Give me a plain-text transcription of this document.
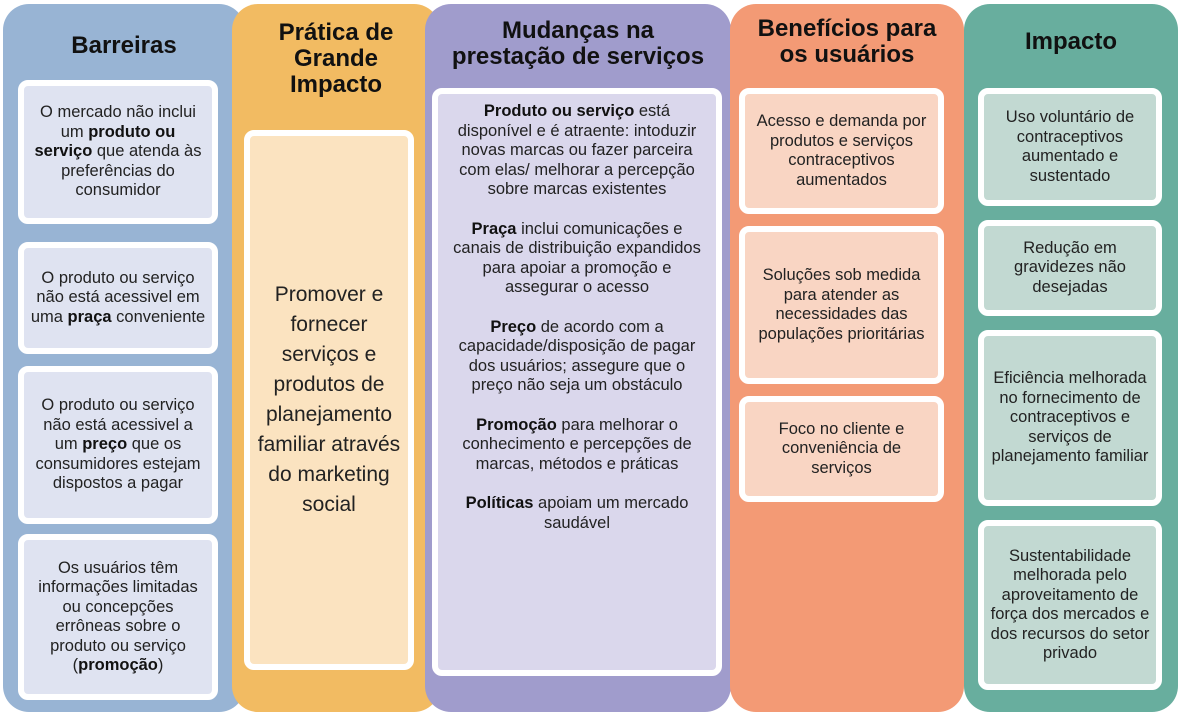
Barreiras

O mercado não inclui um produto ou serviço que atenda às preferências do consumidor

O produto ou serviço não está acessivel em uma praça conveniente

O produto ou serviço não está acessivel a um preço que os consumidores estejam dispostos a pagar

Os usuários têm informações limitadas ou concepções errôneas sobre o produto ou serviço (promoção)

Prática de
Grande
Impacto

Promover e fornecer serviços e produtos de planejamento familiar através do marketing social

Mudanças na
prestação de serviços

Produto ou serviço está disponível e é atraente: intoduzir novas marcas ou fazer parceira com elas/ melhorar a percepção sobre marcas existentes

Praça inclui comunicações e canais de distribuição expandidos para apoiar a promoção e assegurar o acesso

Preço de acordo com a capacidade/disposição de pagar dos usuários; assegure que o preço não seja um obstáculo

Promoção para melhorar o conhecimento e percepções de marcas, métodos e práticas

Políticas apoiam um mercado saudável

Benefícios para
os usuários

Acesso e demanda por produtos e serviços contraceptivos aumentados

Soluções sob medida para atender as necessidades das populações prioritárias

Foco no cliente e conveniência de serviços

Impacto

Uso voluntário de contraceptivos aumentado e sustentado

Redução em gravidezes não desejadas

Eficiência melhorada no fornecimento de contraceptivos e serviços de planejamento familiar

Sustentabilidade melhorada pelo aproveitamento de força dos mercados e dos recursos do setor privado
